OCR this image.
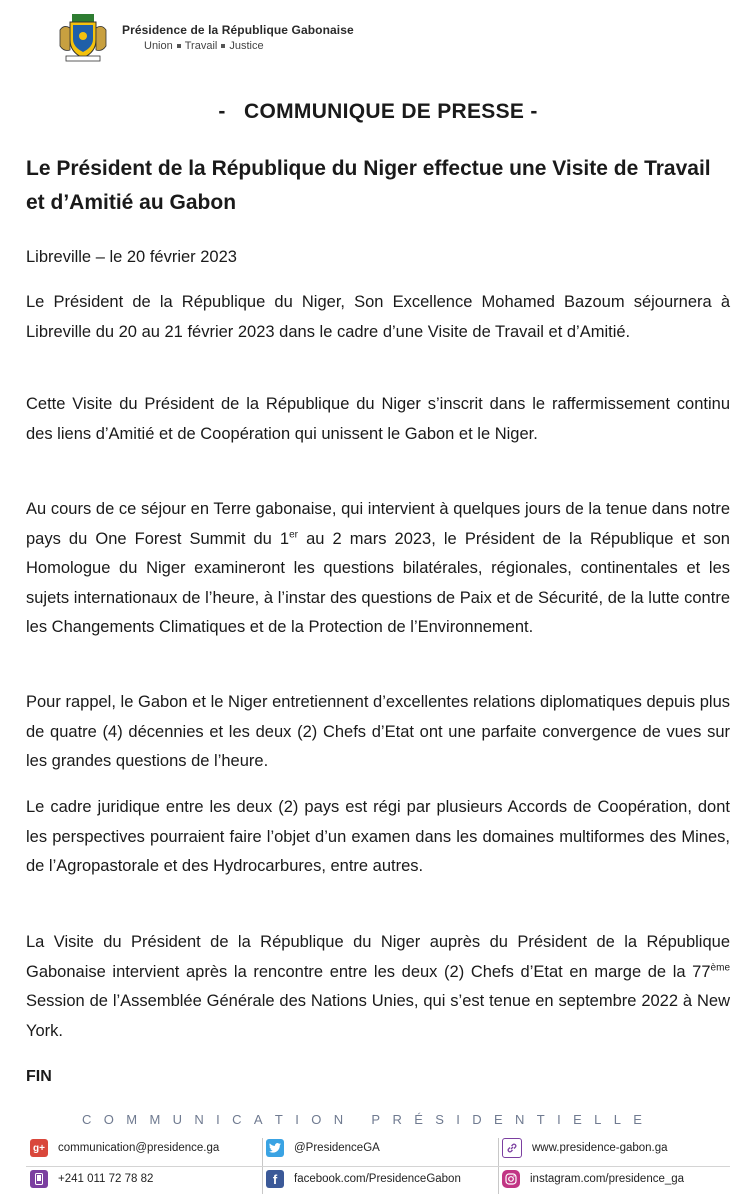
Présidence de la République Gabonaise
Union Travail Justice
-   COMMUNIQUE DE PRESSE -
Le Président de la République du Niger effectue une Visite de Travail et d’Amitié au Gabon
Libreville – le 20 février 2023

Le Président de la République du Niger, Son Excellence Mohamed Bazoum séjournera à Libreville du 20 au 21 février 2023 dans le cadre d’une Visite de Travail et d’Amitié.

Cette Visite du Président de la République du Niger s’inscrit dans le raffermissement continu des liens d’Amitié et de Coopération qui unissent le Gabon et le Niger.

Au cours de ce séjour en Terre gabonaise, qui intervient à quelques jours de la tenue dans notre pays du One Forest Summit du 1er au 2 mars 2023, le Président de la République et son Homologue du Niger examineront les questions bilatérales, régionales, continentales et les sujets internationaux de l’heure, à l’instar des questions de Paix et de Sécurité, de la lutte contre les Changements Climatiques et de la Protection de l’Environnement.

Pour rappel, le Gabon et le Niger entretiennent d’excellentes relations diplomatiques depuis plus de quatre (4) décennies et les deux (2) Chefs d’Etat ont une parfaite convergence de vues sur les grandes questions de l’heure.

Le cadre juridique entre les deux (2) pays est régi par plusieurs Accords de Coopération, dont les perspectives pourraient faire l’objet d’un examen dans les domaines multiformes des Mines, de l’Agropastorale et des Hydrocarbures, entre autres.

La Visite du Président de la République du Niger auprès du Président de la République Gabonaise intervient après la rencontre entre les deux (2) Chefs d’Etat en marge de la 77ème Session de l’Assemblée Générale des Nations Unies, qui s’est tenue en septembre 2022 à New York.

FIN
C O M M U N I C A T I O N
P R É S I D E N T I E L L E
g+ communication@presidence.ga	@PresidenceGA	www.presidence-gabon.ga
+241 011 72 78 82	f	facebook.com/PresidenceGabon	instagram.com/presidence_ga
